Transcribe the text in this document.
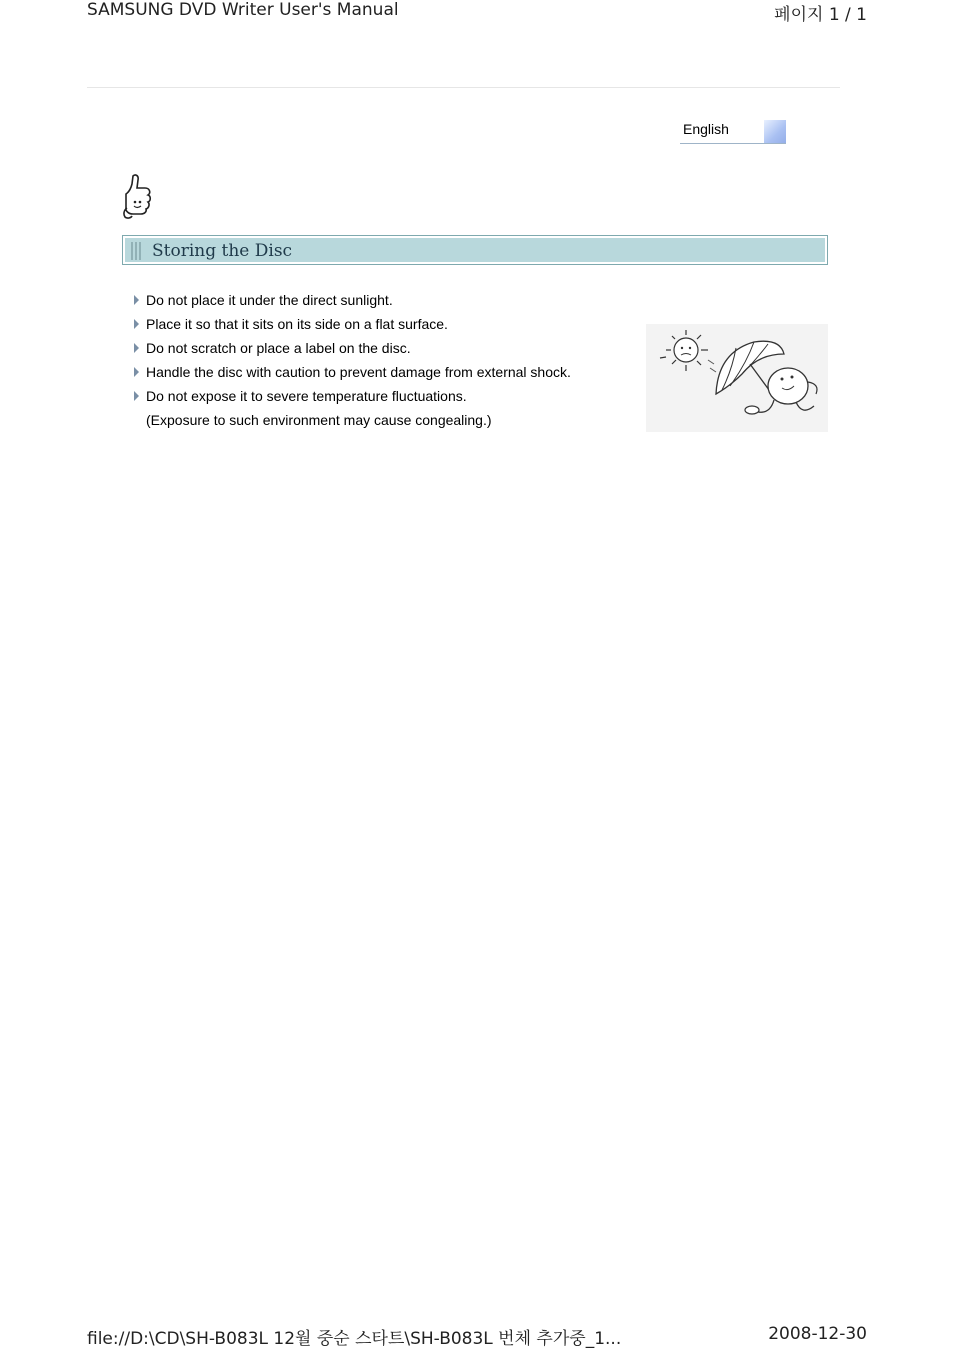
SAMSUNG DVD Writer User's Manual	페이지 1 / 1
English
Storing the Disc
Do not place it under the direct sunlight.
Place it so that it sits on its side on a flat surface.
Do not scratch or place a label on the disc.
Handle the disc with caution to prevent damage from external shock.
Do not expose it to severe temperature fluctuations.
(Exposure to such environment may cause congealing.)
file://D:\CD\SH-B083L 12월 중순 스타트\SH-B083L 번체 추가중_1...	2008-12-30
